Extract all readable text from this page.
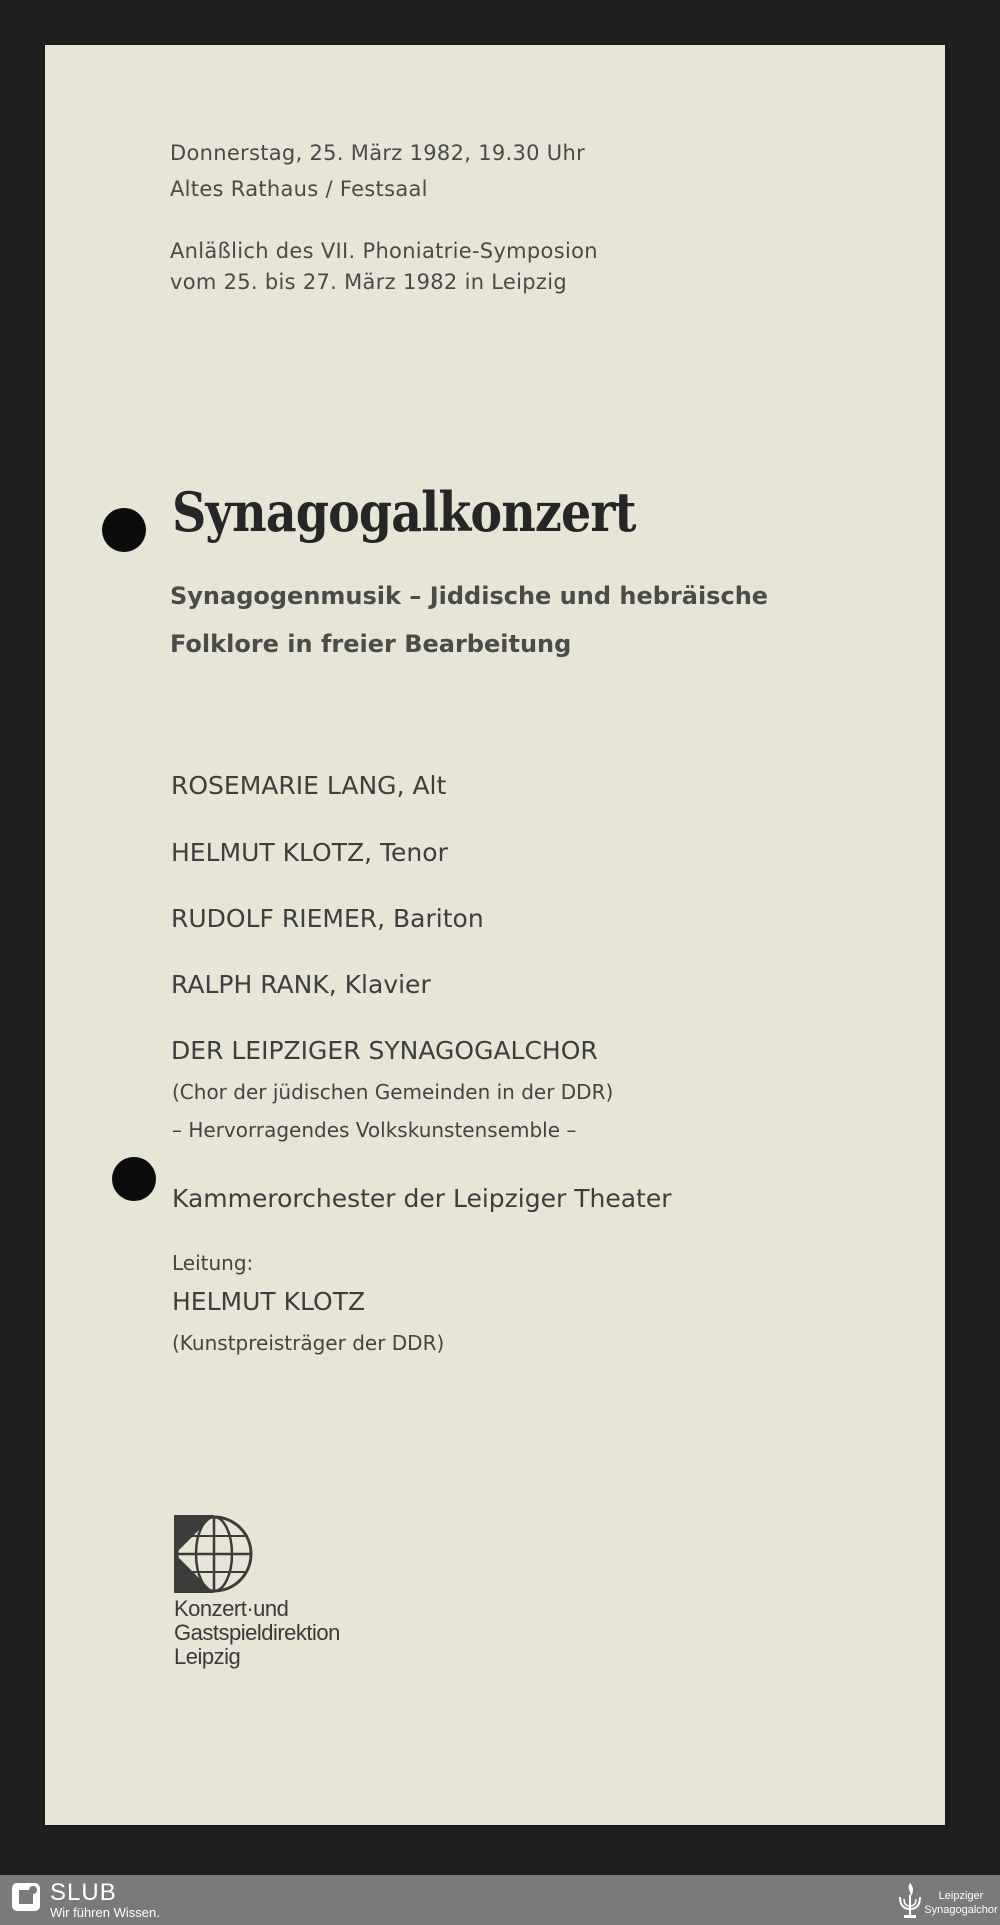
Donnerstag, 25. März 1982, 19.30 Uhr
Altes Rathaus / Festsaal
Anläßlich des VII. Phoniatrie-Symposion
vom 25. bis 27. März 1982 in Leipzig
Synagogalkonzert
Synagogenmusik – Jiddische und hebräische
Folklore in freier Bearbeitung
ROSEMARIE LANG, Alt
HELMUT KLOTZ, Tenor
RUDOLF RIEMER, Bariton
RALPH RANK, Klavier
DER LEIPZIGER SYNAGOGALCHOR
(Chor der jüdischen Gemeinden in der DDR)
– Hervorragendes Volkskunstensemble –
Kammerorchester der Leipziger Theater
Leitung:
HELMUT KLOTZ
(Kunstpreisträger der DDR)
Konzert·und
Gastspieldirektion
Leipzig
SLUB
Wir führen Wissen.
Leipziger
Synagogalchor
